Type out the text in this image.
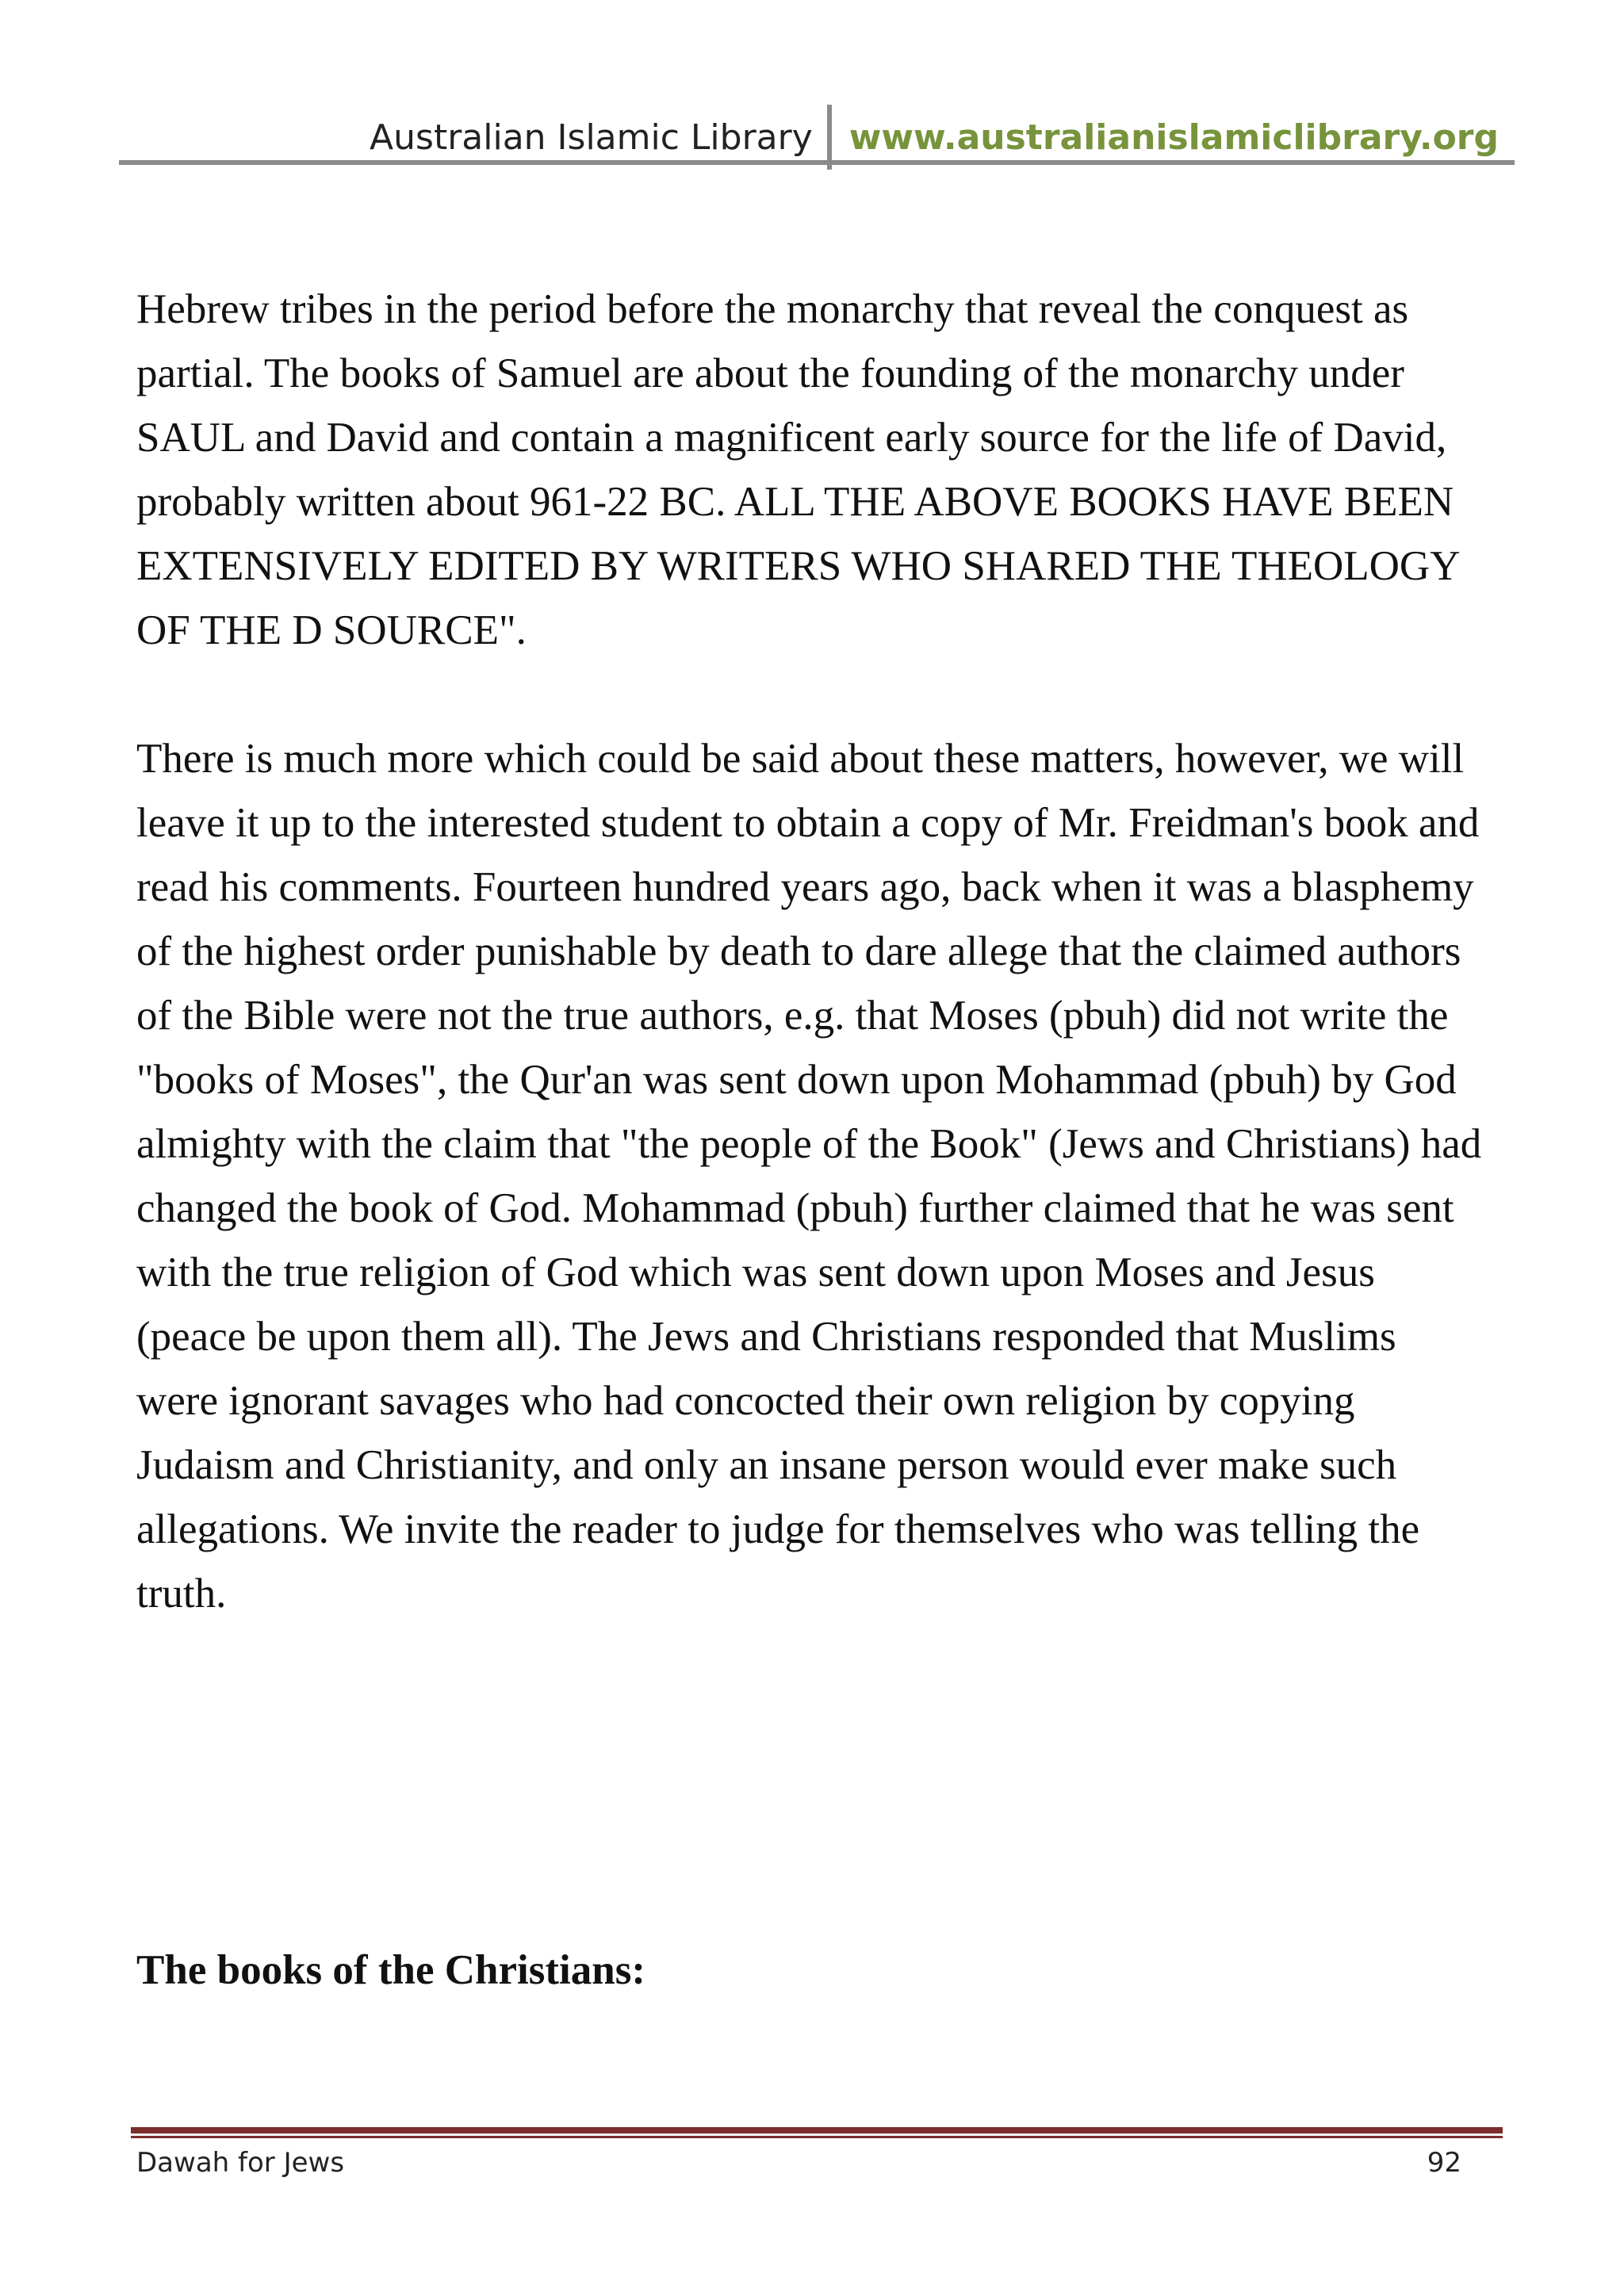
Australian Islamic Library www.australianislamiclibrary.org

Hebrew tribes in the period before the monarchy that reveal the conquest as partial. The books of Samuel are about the founding of the monarchy under SAUL and David and contain a magnificent early source for the life of David, probably written about 961-22 BC. ALL THE ABOVE BOOKS HAVE BEEN EXTENSIVELY EDITED BY WRITERS WHO SHARED THE THEOLOGY OF THE D SOURCE".

There is much more which could be said about these matters, however, we will leave it up to the interested student to obtain a copy of Mr. Freidman's book and read his comments. Fourteen hundred years ago, back when it was a blasphemy of the highest order punishable by death to dare allege that the claimed authors of the Bible were not the true authors, e.g. that Moses (pbuh) did not write the "books of Moses", the Qur'an was sent down upon Mohammad (pbuh) by God almighty with the claim that "the people of the Book" (Jews and Christians) had changed the book of God. Mohammad (pbuh) further claimed that he was sent with the true religion of God which was sent down upon Moses and Jesus (peace be upon them all). The Jews and Christians responded that Muslims were ignorant savages who had concocted their own religion by copying Judaism and Christianity, and only an insane person would ever make such allegations. We invite the reader to judge for themselves who was telling the truth.

The books of the Christians:
Dawah for Jews	92
